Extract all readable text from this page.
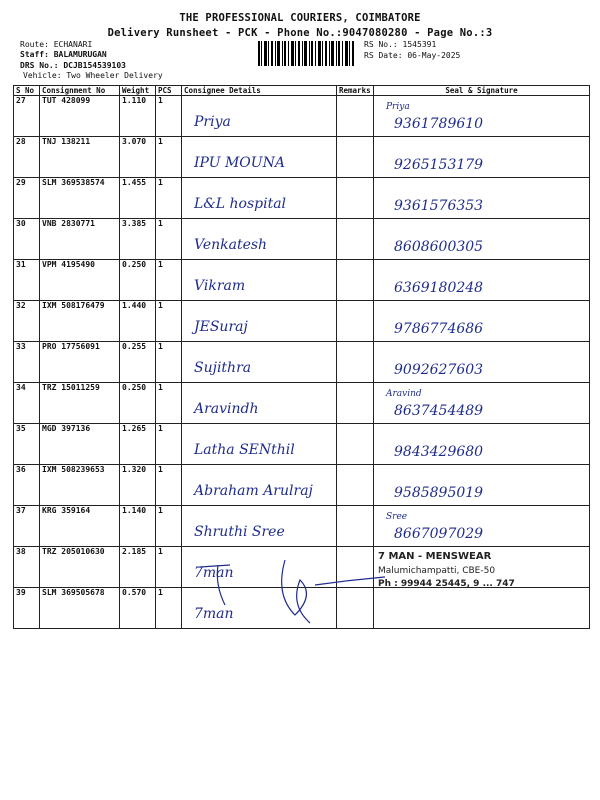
THE PROFESSIONAL COURIERS, COIMBATORE
Delivery Runsheet - PCK - Phone No.:9047080280 - Page No.:3
Route: ECHANARI
Staff: BALAMURUGAN
DRS No.: DCJB154539103
Vehicle: Two Wheeler Delivery
RS No.: 1545391
RS Date: 06-May-2025
S No	Consignment No	Weight	PCS	Consignee Details	Remarks	Seal & Signature
27	TUT 428099	1.110	1	Priya		Priya
9361789610

28	TNJ 138211	3.070	1	IPU MOUNA		9265153179

29	SLM 369538574	1.455	1	L&L hospital		9361576353

30	VNB 2830771	3.385	1	Venkatesh		8608600305

31	VPM 4195490	0.250	1	Vikram		6369180248

32	IXM 508176479	1.440	1	JESuraj		9786774686

33	PRO 17756091	0.255	1	Sujithra		9092627603

34	TRZ 15011259	0.250	1	Aravindh		Aravind
8637454489

35	MGD 397136	1.265	1	Latha SENthil		9843429680

36	IXM 508239653	1.320	1	Abraham Arulraj		9585895019

37	KRG 359164	1.140	1	Shruthi Sree		Sree
8667097029

38	TRZ 205010630	2.185	1	7man		7 MAN - MENSWEAR
Malumichampatti, CBE-50
Ph : 99944 25445, 9 ... 747

39	SLM 369505678	0.570	1	7man		
